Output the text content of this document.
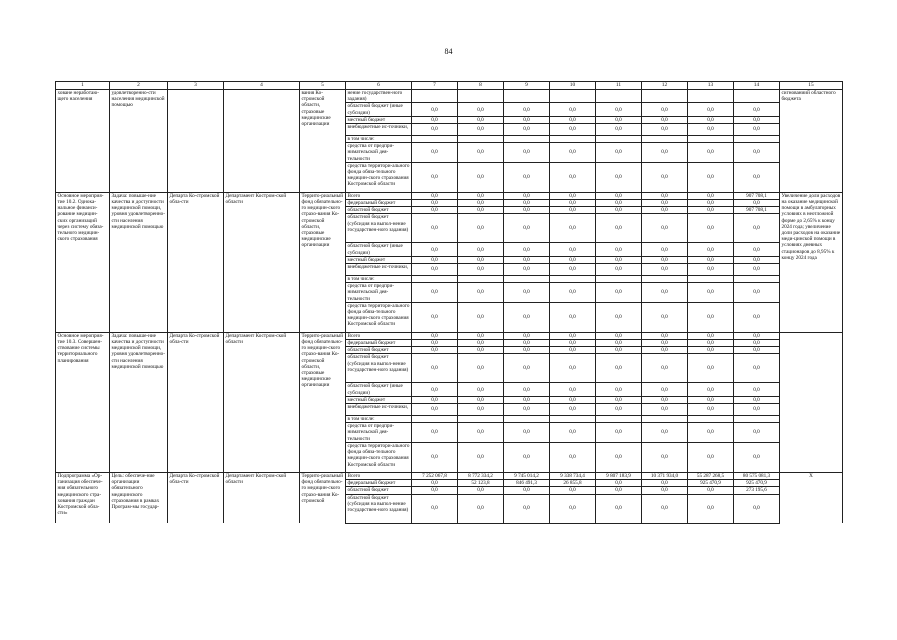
84
1	2	3	4	5	6	7	8	9	10	11	12	13	14	15
ховане неработаю-щего населения	удовлетворенно-сти населения медицинской помощью			вания Ко-стромской области, страховые медицинские организации	нение государствен-ного задания)									сигнованиий областного бюджета
					областной бюджет (иные субсидии)	0,0	0,0	0,0	0,0	0,0	0,0	0,0	0,0	
					местный бюджет	0,0	0,0	0,0	0,0	0,0	0,0	0,0	0,0	
					внебюджетные ис-точники,	0,0	0,0	0,0	0,0	0,0	0,0	0,0	0,0	
					в том числе:									
					средства от предпри-нимательской дея-тельности	0,0	0,0	0,0	0,0	0,0	0,0	0,0	0,0	
					средства территори-ального фонда обяза-тельного медицин-ского страхования Костромской области	0,0	0,0	0,0	0,0	0,0	0,0	0,0	0,0	
Основное мероприя-тие 10.2. Однока-нальное финанси-рование медицин-ских организаций через систему обяза-тельного медицин-ского страхования	Задача: повыше-ние качества и доступности медицинской помощи, уровня удовлетворенно-сти населения медицинской помощью	Департа Ко-стромской обла-сти	Департамент Костром-ской области	Террито-риальный фонд обязательно-го медицин-ского страхо-вания Ко-стромской области, страховые медицинские организации	Всего	0,0	0,0	0,0	0,0	0,0	0,0	0,0	907 708,1	Увеличение доли расходов на оказание медицинской помощи в амбулаторных условиях в неотложной форме до 2,65% к концу 2024 года; увеличение доли расходов на оказание меди-цинской помощи в условиях дневных стационаров до 8,95% к концу 2024 года
					федеральный бюджет	0,0	0,0	0,0	0,0	0,0	0,0	0,0	0,0	
					областной бюджет	0,0	0,0	0,0	0,0	0,0	0,0	0,0	907 708,1	
					областной бюджет (субсидия на выпол-нение государствен-ного задания)	0,0	0,0	0,0	0,0	0,0	0,0	0,0	0,0	
					областной бюджет (иные субсидии)	0,0	0,0	0,0	0,0	0,0	0,0	0,0	0,0	
					местный бюджет	0,0	0,0	0,0	0,0	0,0	0,0	0,0	0,0	
					внебюджетные ис-точники,	0,0	0,0	0,0	0,0	0,0	0,0	0,0	0,0	
					в том числе:									
					средства от предпри-нимательской дея-тельности	0,0	0,0	0,0	0,0	0,0	0,0	0,0	0,0	
					средства территори-ального фонда обяза-тельного медицин-ского страхования Костромской области	0,0	0,0	0,0	0,0	0,0	0,0	0,0	0,0	
Основное мероприя-тие 10.3. Совершен-ствование системы территориального планирования	Задача: повыше-ние качества и доступности медицинской помощи, уровня удовлетворенно-сти населения медицинской помощью	Департа Ко-стромской обла-сти	Департамент Костром-ской области	Террито-риальный фонд обязательно-го медицин-ского страхо-вания Ко-стромской области, страховые медицинские организации	Всего	0,0	0,0	0,0	0,0	0,0	0,0	0,0	0,0	
					федеральный бюджет	0,0	0,0	0,0	0,0	0,0	0,0	0,0	0,0	
					областной бюджет	0,0	0,0	0,0	0,0	0,0	0,0	0,0	0,0	
					областной бюджет (субсидия на выпол-нение государствен-ного задания)	0,0	0,0	0,0	0,0	0,0	0,0	0,0	0,0	
					областной бюджет (иные субсидии)	0,0	0,0	0,0	0,0	0,0	0,0	0,0	0,0	
					местный бюджет	0,0	0,0	0,0	0,0	0,0	0,0	0,0	0,0	
					внебюджетные ис-точники,	0,0	0,0	0,0	0,0	0,0	0,0	0,0	0,0	
					в том числе:									
					средства от предпри-нимательской дея-тельности	0,0	0,0	0,0	0,0	0,0	0,0	0,0	0,0	
					средства территори-ального фонда обяза-тельного медицин-ского страхования Костромской области	0,0	0,0	0,0	0,0	0,0	0,0	0,0	0,0	
Подпрограмма «Ор-ганизация обеспече-ния обязательного медицинского стра-хования граждан Костромской обла-сти»	Цель: обеспече-ние организации обязательного медицинского страхования в рамках Програм-мы государ-	Департа Ко-стромской обла-сти	Департамент Костром-ской области	Террито-риальный фонд обязательно-го медицин-ского страхо-вания Ко-стромской	Всего	7 252 067,8	8 772 334,2	9 745 014,2	9 338 734,4	9 807 183,9	10 371 934,0	55 287 268,5	80 575 081,3	Х
					федеральный бюджет	0,0	52 123,8	846 491,3	26 855,8	0,0	0,0	925 470,9	925 470,9	
					областной бюджет	0,0	0,0	0,0	0,0	0,0	0,0	0,0	273 195,6	
					областной бюджет (субсидия на выпол-нение государствен-ного задания)	0,0	0,0	0,0	0,0	0,0	0,0	0,0	0,0	
